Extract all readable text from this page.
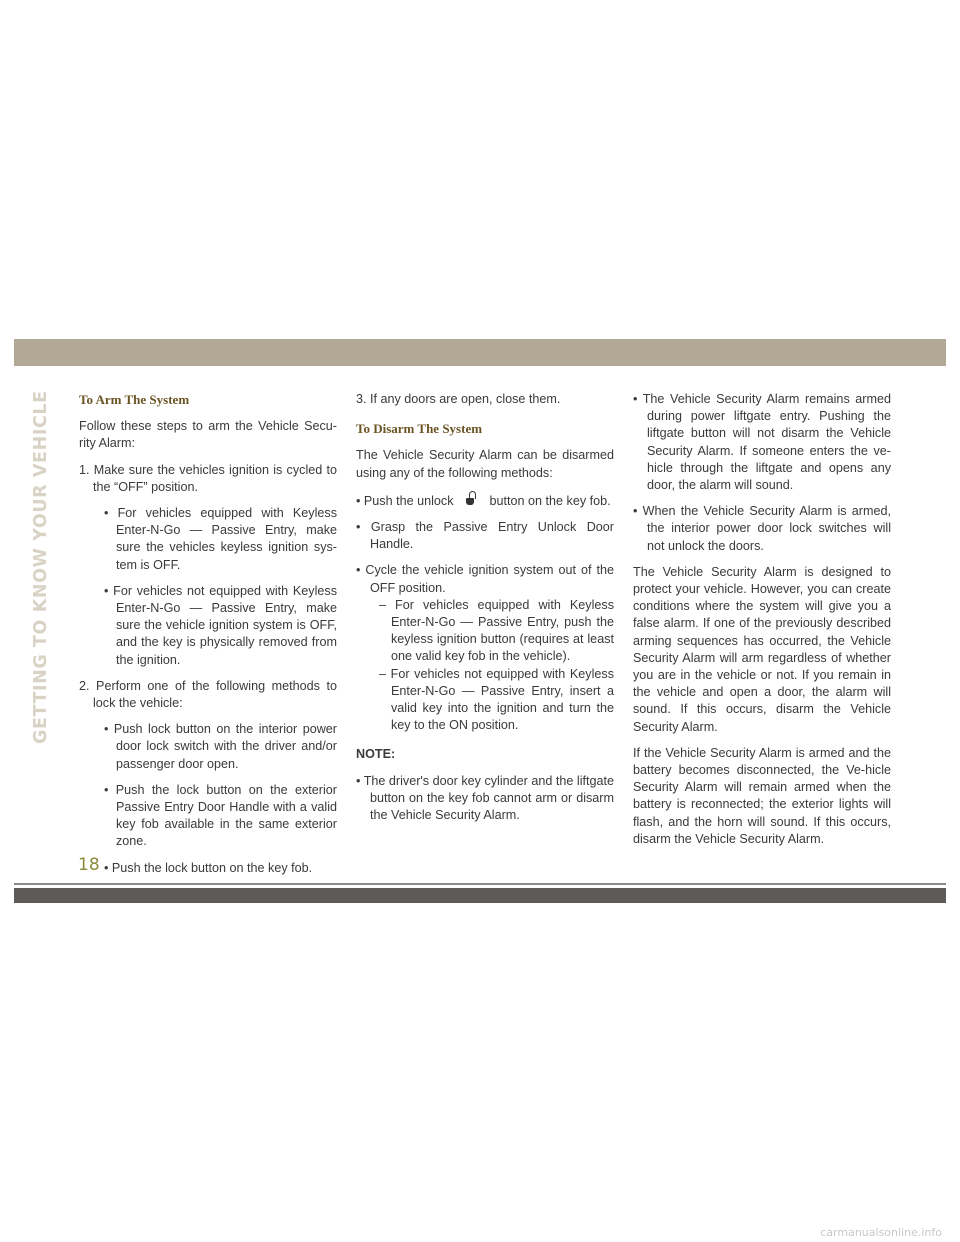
GETTING TO KNOW YOUR VEHICLE	To Arm The System

Follow these steps to arm the Vehicle Secu-rity Alarm:

1. Make sure the vehicles ignition is cycled to the “OFF” position.

• For vehicles equipped with Keyless Enter-N-Go — Passive Entry, make sure the vehicles keyless ignition sys-tem is OFF.

• For vehicles not equipped with Keyless Enter-N-Go — Passive Entry, make sure the vehicle ignition system is OFF, and the key is physically removed from the ignition.

2. Perform one of the following methods to lock the vehicle:

• Push lock button on the interior power door lock switch with the driver and/or passenger door open.

• Push the lock button on the exterior Passive Entry Door Handle with a valid key fob available in the same exterior zone.

• Push the lock button on the key fob.

3. If any doors are open, close them.

To Disarm The System

The Vehicle Security Alarm can be disarmed using any of the following methods:

• Push the unlock	button on the key fob.

• Grasp the Passive Entry Unlock Door Handle.

• Cycle the vehicle ignition system out of the OFF position.

– For vehicles equipped with Keyless Enter-N-Go — Passive Entry, push the keyless ignition button (requires at least one valid key fob in the vehicle).

– For vehicles not equipped with Keyless Enter-N-Go — Passive Entry, insert a valid key into the ignition and turn the key to the ON position.

NOTE:

• The driver's door key cylinder and the liftgate button on the key fob cannot arm or disarm the Vehicle Security Alarm.

• The Vehicle Security Alarm remains armed during power liftgate entry. Pushing the liftgate button will not disarm the Vehicle Security Alarm. If someone enters the ve-hicle through the liftgate and opens any door, the alarm will sound.

• When the Vehicle Security Alarm is armed, the interior power door lock switches will not unlock the doors.

The Vehicle Security Alarm is designed to protect your vehicle. However, you can create conditions where the system will give you a false alarm. If one of the previously described arming sequences has occurred, the Vehicle Security Alarm will arm regardless of whether you are in the vehicle or not. If you remain in the vehicle and open a door, the alarm will sound. If this occurs, disarm the Vehicle Security Alarm.

If the Vehicle Security Alarm is armed and the battery becomes disconnected, the Ve-hicle Security Alarm will remain armed when the battery is reconnected; the exterior lights will flash, and the horn will sound. If this occurs, disarm the Vehicle Security Alarm.

18
carmanualsonline.info
